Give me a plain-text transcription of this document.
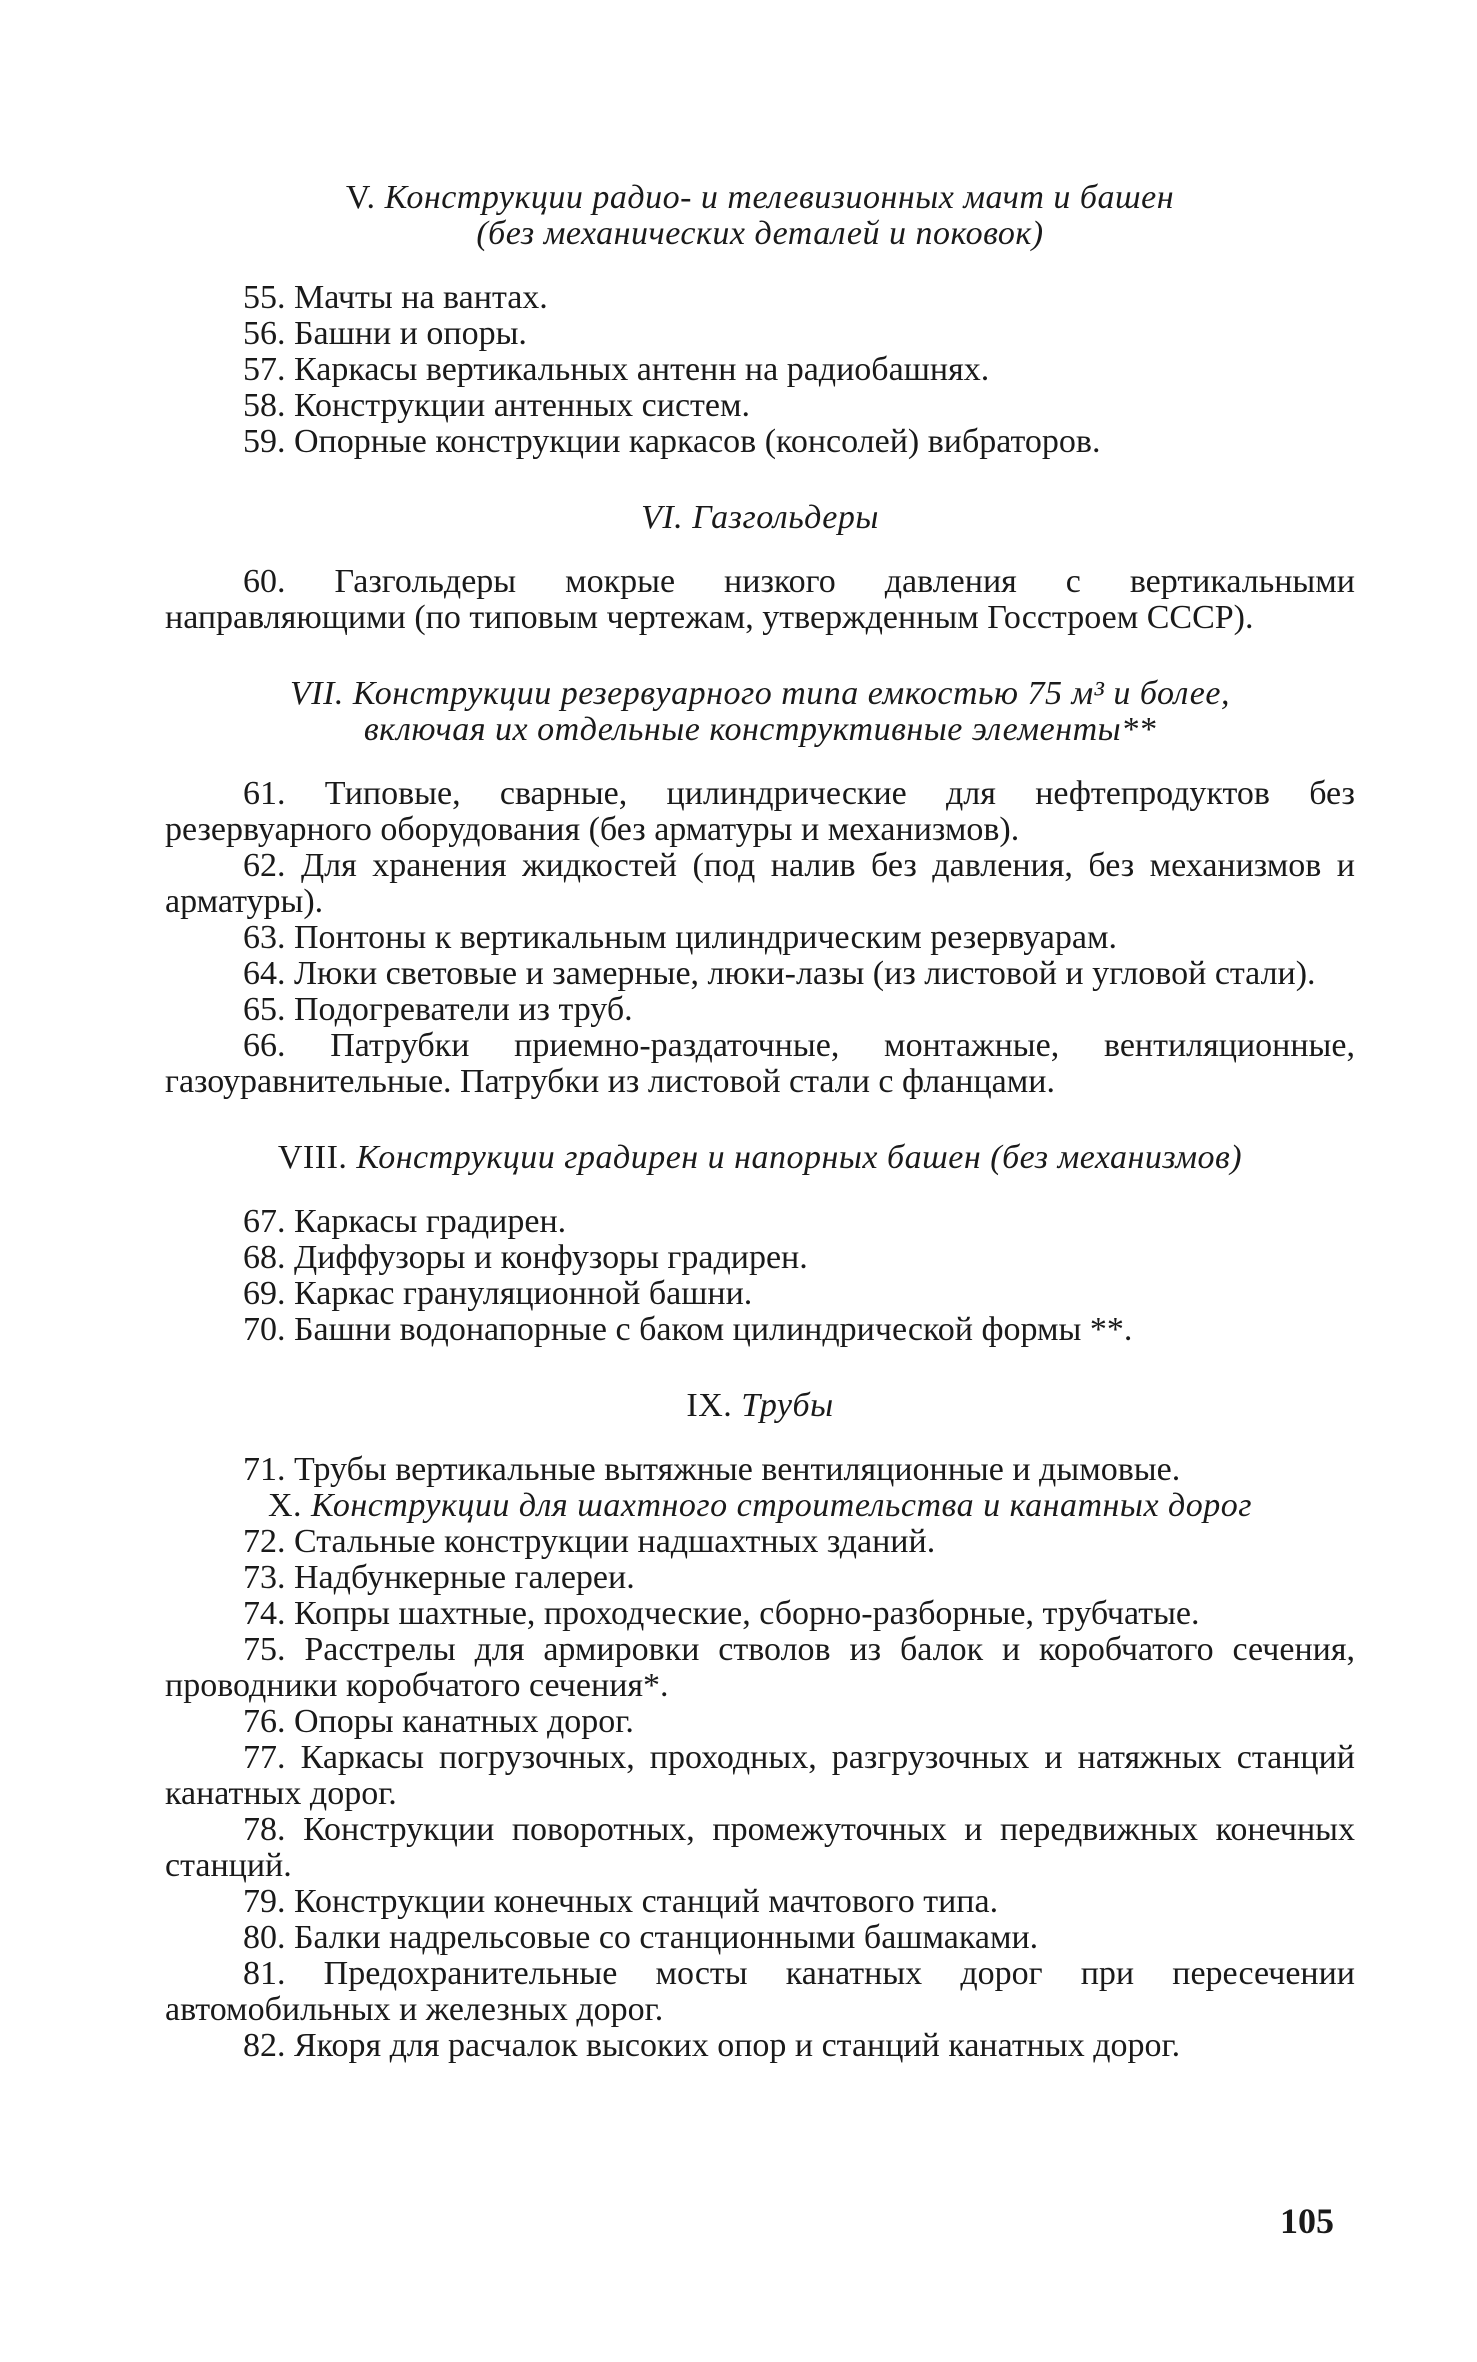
V. Конструкции радио- и телевизионных мачт и башен
(без механических деталей и поковок)
55. Мачты на вантах.
56. Башни и опоры.
57. Каркасы вертикальных антенн на радиобашнях.
58. Конструкции антенных систем.
59. Опорные конструкции каркасов (консолей) вибраторов.
VI. Газгольдеры
60. Газгольдеры мокрые низкого давления с вертикальными направляющими (по типовым чертежам, утвержденным Госстроем СССР).
VII. Конструкции резервуарного типа емкостью 75 м³ и более,
включая их отдельные конструктивные элементы**
61. Типовые, сварные, цилиндрические для нефтепродуктов без резервуарного оборудования (без арматуры и механизмов).
62. Для хранения жидкостей (под налив без давления, без механизмов и арматуры).
63. Понтоны к вертикальным цилиндрическим резервуарам.
64. Люки световые и замерные, люки-лазы (из листовой и угловой стали).
65. Подогреватели из труб.
66. Патрубки приемно-раздаточные, монтажные, вентиляционные, газоуравнительные. Патрубки из листовой стали с фланцами.
VIII. Конструкции градирен и напорных башен (без механизмов)
67. Каркасы градирен.
68. Диффузоры и конфузоры градирен.
69. Каркас грануляционной башни.
70. Башни водонапорные с баком цилиндрической формы **.
IX. Трубы
71. Трубы вертикальные вытяжные вентиляционные и дымовые.
X. Конструкции для шахтного строительства и канатных дорог
72. Стальные конструкции надшахтных зданий.
73. Надбункерные галереи.
74. Копры шахтные, проходческие, сборно-разборные, трубчатые.
75. Расстрелы для армировки стволов из балок и коробчатого сечения, проводники коробчатого сечения*.
76. Опоры канатных дорог.
77. Каркасы погрузочных, проходных, разгрузочных и натяжных станций канатных дорог.
78. Конструкции поворотных, промежуточных и передвижных конечных станций.
79. Конструкции конечных станций мачтового типа.
80. Балки надрельсовые со станционными башмаками.
81. Предохранительные мосты канатных дорог при пересечении автомобильных и железных дорог.
82. Якоря для расчалок высоких опор и станций канатных дорог.
105
